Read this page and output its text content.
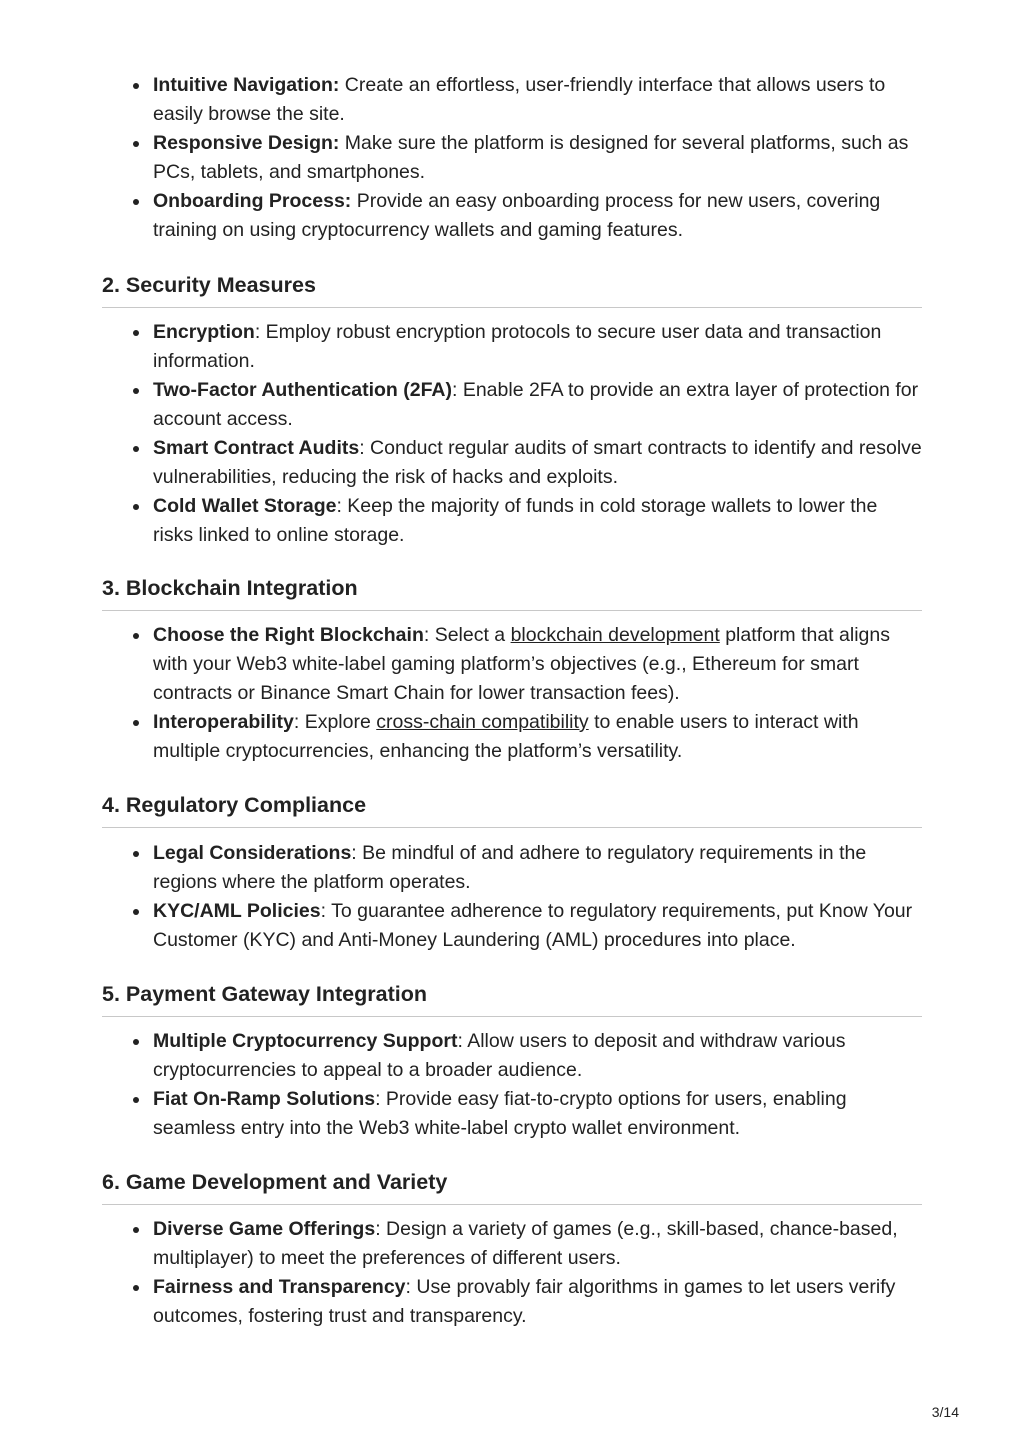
Intuitive Navigation: Create an effortless, user-friendly interface that allows users to easily browse the site.
Responsive Design: Make sure the platform is designed for several platforms, such as PCs, tablets, and smartphones.
Onboarding Process: Provide an easy onboarding process for new users, covering training on using cryptocurrency wallets and gaming features.
2. Security Measures
Encryption: Employ robust encryption protocols to secure user data and transaction information.
Two-Factor Authentication (2FA): Enable 2FA to provide an extra layer of protection for account access.
Smart Contract Audits: Conduct regular audits of smart contracts to identify and resolve vulnerabilities, reducing the risk of hacks and exploits.
Cold Wallet Storage: Keep the majority of funds in cold storage wallets to lower the risks linked to online storage.
3. Blockchain Integration
Choose the Right Blockchain: Select a blockchain development platform that aligns with your Web3 white-label gaming platform’s objectives (e.g., Ethereum for smart contracts or Binance Smart Chain for lower transaction fees).
Interoperability: Explore cross-chain compatibility to enable users to interact with multiple cryptocurrencies, enhancing the platform’s versatility.
4. Regulatory Compliance
Legal Considerations: Be mindful of and adhere to regulatory requirements in the regions where the platform operates.
KYC/AML Policies: To guarantee adherence to regulatory requirements, put Know Your Customer (KYC) and Anti-Money Laundering (AML) procedures into place.
5. Payment Gateway Integration
Multiple Cryptocurrency Support: Allow users to deposit and withdraw various cryptocurrencies to appeal to a broader audience.
Fiat On-Ramp Solutions: Provide easy fiat-to-crypto options for users, enabling seamless entry into the Web3 white-label crypto wallet environment.
6. Game Development and Variety
Diverse Game Offerings: Design a variety of games (e.g., skill-based, chance-based, multiplayer) to meet the preferences of different users.
Fairness and Transparency: Use provably fair algorithms in games to let users verify outcomes, fostering trust and transparency.
3/14
